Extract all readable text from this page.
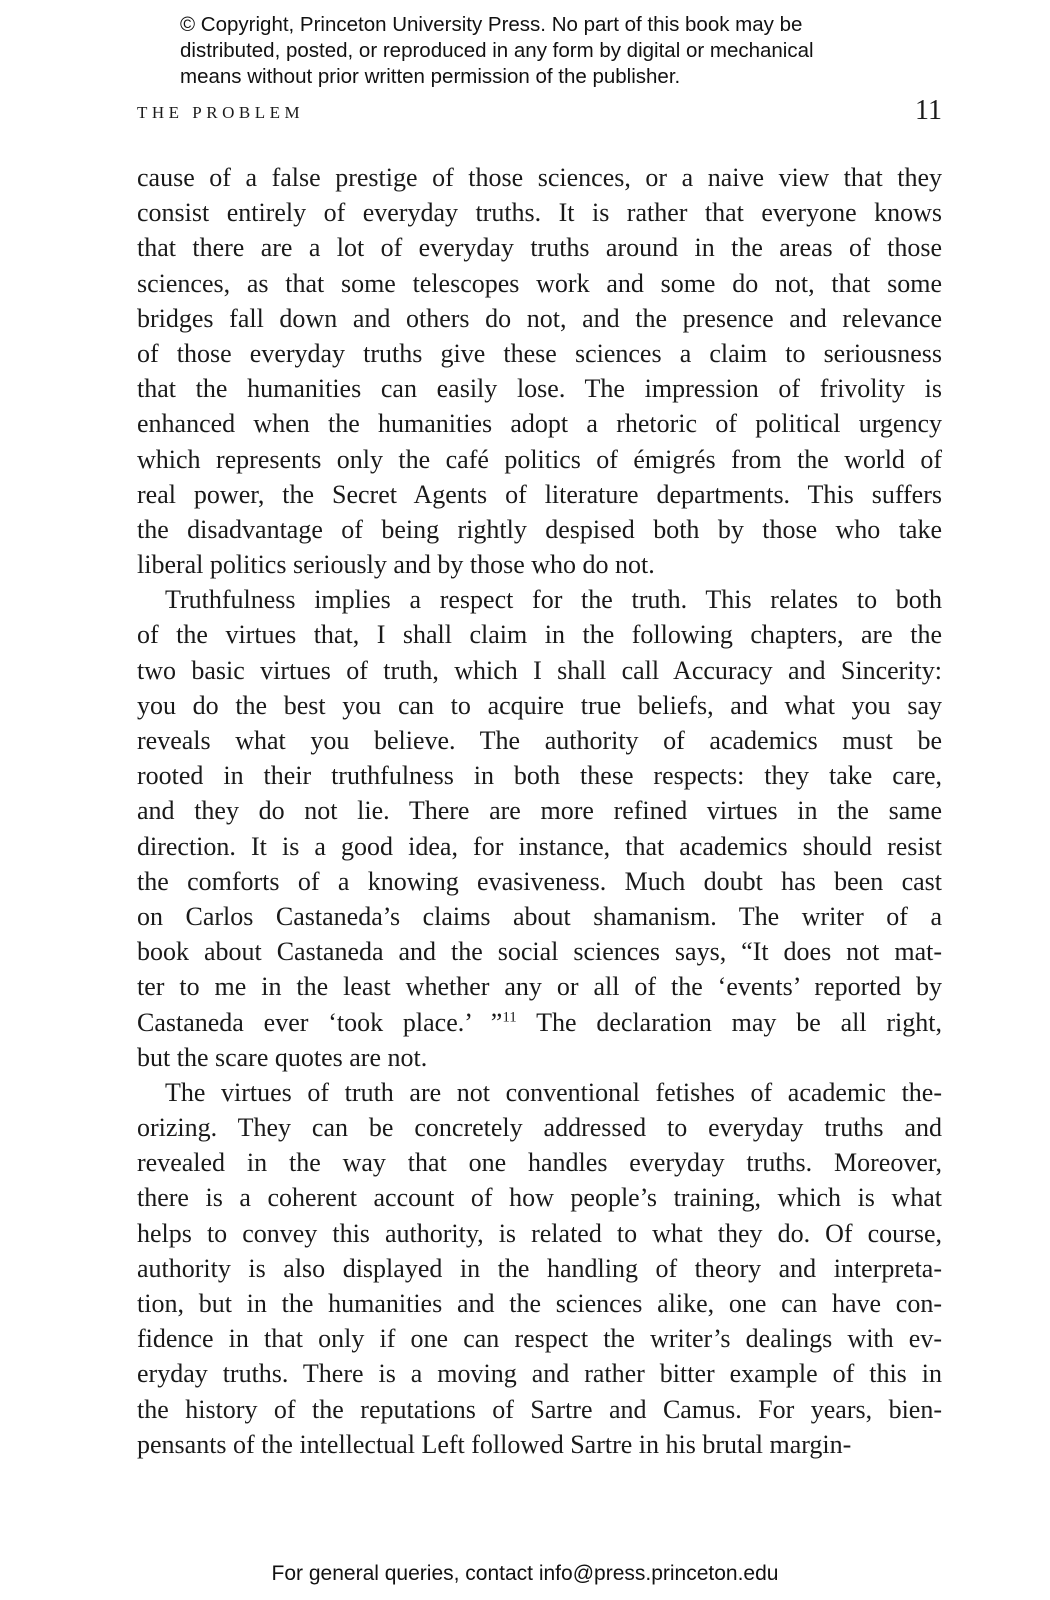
© Copyright, Princeton University Press. No part of this book may be
distributed, posted, or reproduced in any form by digital or mechanical
means without prior written permission of the publisher.
THE PROBLEM	11
cause of a false prestige of those sciences, or a naive view that they
consist entirely of everyday truths. It is rather that everyone knows
that there are a lot of everyday truths around in the areas of those
sciences, as that some telescopes work and some do not, that some
bridges fall down and others do not, and the presence and relevance
of those everyday truths give these sciences a claim to seriousness
that the humanities can easily lose. The impression of frivolity is
enhanced when the humanities adopt a rhetoric of political urgency
which represents only the café politics of émigrés from the world of
real power, the Secret Agents of literature departments. This suffers
the disadvantage of being rightly despised both by those who take
liberal politics seriously and by those who do not.
Truthfulness implies a respect for the truth. This relates to both
of the virtues that, I shall claim in the following chapters, are the
two basic virtues of truth, which I shall call Accuracy and Sincerity:
you do the best you can to acquire true beliefs, and what you say
reveals what you believe. The authority of academics must be
rooted in their truthfulness in both these respects: they take care,
and they do not lie. There are more refined virtues in the same
direction. It is a good idea, for instance, that academics should resist
the comforts of a knowing evasiveness. Much doubt has been cast
on Carlos Castaneda’s claims about shamanism. The writer of a
book about Castaneda and the social sciences says, “It does not mat-
ter to me in the least whether any or all of the ‘events’ reported by
Castaneda ever ‘took place.’ ”$^{11}$ The declaration may be all right,
but the scare quotes are not.
The virtues of truth are not conventional fetishes of academic the-
orizing. They can be concretely addressed to everyday truths and
revealed in the way that one handles everyday truths. Moreover,
there is a coherent account of how people’s training, which is what
helps to convey this authority, is related to what they do. Of course,
authority is also displayed in the handling of theory and interpreta-
tion, but in the humanities and the sciences alike, one can have con-
fidence in that only if one can respect the writer’s dealings with ev-
eryday truths. There is a moving and rather bitter example of this in
the history of the reputations of Sartre and Camus. For years, bien-
pensants of the intellectual Left followed Sartre in his brutal margin-
For general queries, contact info@press.princeton.edu
